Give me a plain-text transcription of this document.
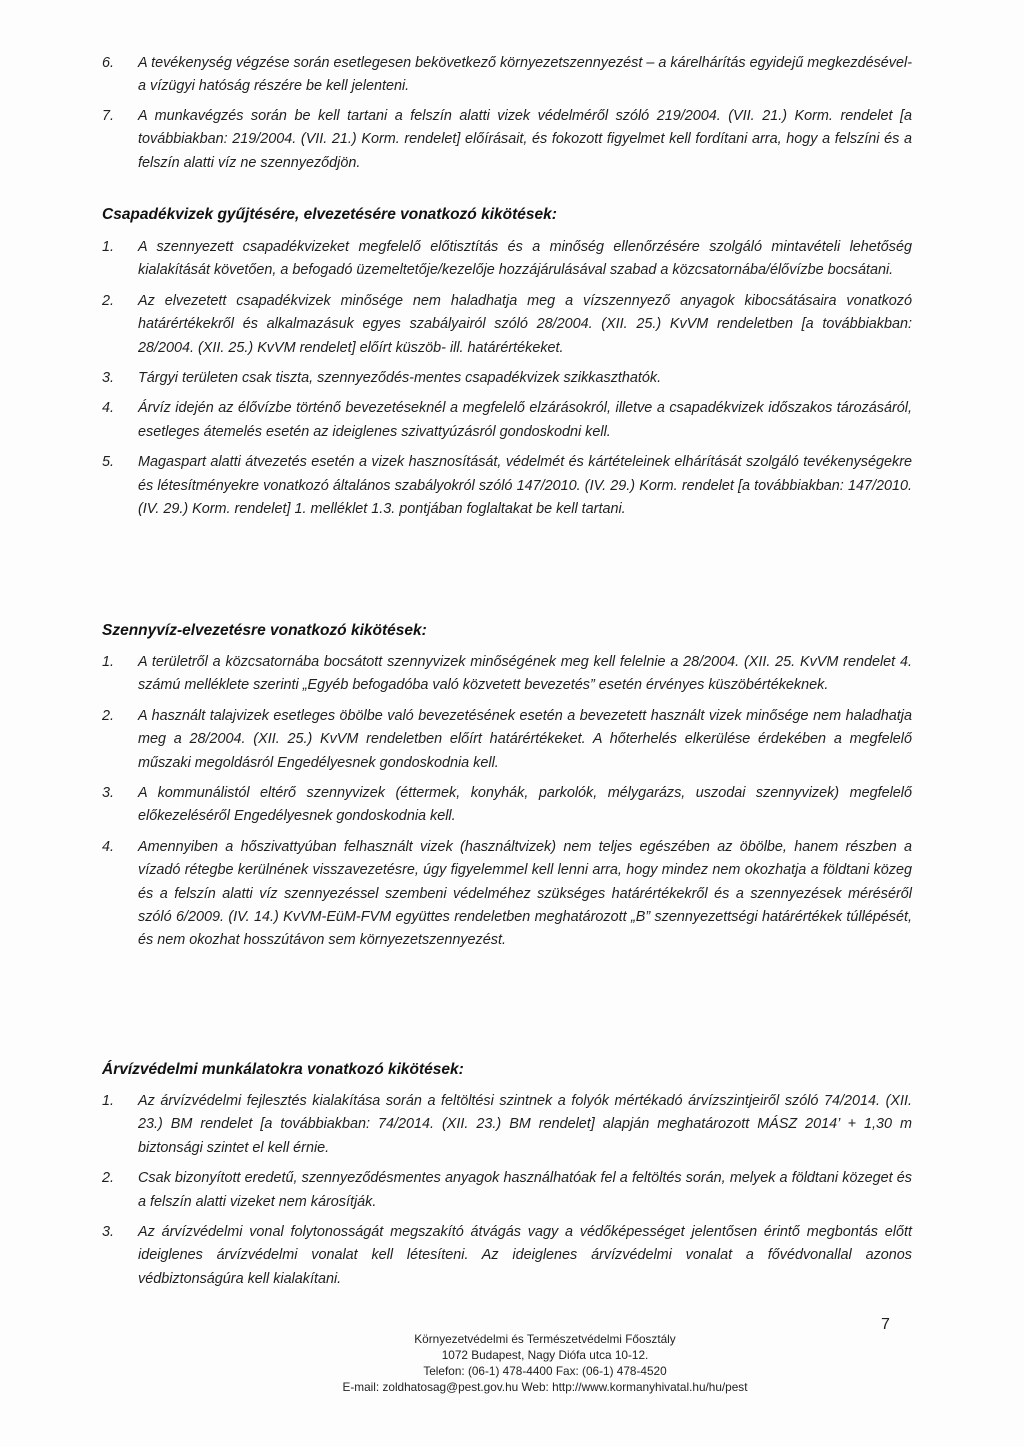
6. A tevékenység végzése során esetlegesen bekövetkező környezetszennyezést – a kárelhárítás egyidejű megkezdésével- a vízügyi hatóság részére be kell jelenteni.
7. A munkavégzés során be kell tartani a felszín alatti vizek védelméről szóló 219/2004. (VII. 21.) Korm. rendelet [a továbbiakban: 219/2004. (VII. 21.) Korm. rendelet] előírásait, és fokozott figyelmet kell fordítani arra, hogy a felszíni és a felszín alatti víz ne szennyeződjön.
Csapadékvizek gyűjtésére, elvezetésére vonatkozó kikötések:
1. A szennyezett csapadékvizeket megfelelő előtisztítás és a minőség ellenőrzésére szolgáló mintavételi lehetőség kialakítását követően, a befogadó üzemeltetője/kezelője hozzájárulásával szabad a közcsatornába/élővízbe bocsátani.
2. Az elvezetett csapadékvizek minősége nem haladhatja meg a vízszennyező anyagok kibocsátásaira vonatkozó határértékekről és alkalmazásuk egyes szabályairól szóló 28/2004. (XII. 25.) KvVM rendeletben [a továbbiakban: 28/2004. (XII. 25.) KvVM rendelet] előírt küszöb- ill. határértékeket.
3. Tárgyi területen csak tiszta, szennyeződés-mentes csapadékvizek szikkaszthatók.
4. Árvíz idején az élővízbe történő bevezetéseknél a megfelelő elzárásokról, illetve a csapadékvizek időszakos tározásáról, esetleges átemelés esetén az ideiglenes szivattyúzásról gondoskodni kell.
5. Magaspart alatti átvezetés esetén a vizek hasznosítását, védelmét és kártételeinek elhárítását szolgáló tevékenységekre és létesítményekre vonatkozó általános szabályokról szóló 147/2010. (IV. 29.) Korm. rendelet [a továbbiakban: 147/2010. (IV. 29.) Korm. rendelet] 1. melléklet 1.3. pontjában foglaltakat be kell tartani.
Szennyvíz-elvezetésre vonatkozó kikötések:
1. A területről a közcsatornába bocsátott szennyvizek minőségének meg kell felelnie a 28/2004. (XII. 25. KvVM rendelet 4. számú melléklete szerinti „Egyéb befogadóba való közvetett bevezetés” esetén érvényes küszöbértékeknek.
2. A használt talajvizek esetleges öbölbe való bevezetésének esetén a bevezetett használt vizek minősége nem haladhatja meg a 28/2004. (XII. 25.) KvVM rendeletben előírt határértékeket. A hőterhelés elkerülése érdekében a megfelelő műszaki megoldásról Engedélyesnek gondoskodnia kell.
3. A kommunálistól eltérő szennyvizek (éttermek, konyhák, parkolók, mélygarázs, uszodai szennyvizek) megfelelő előkezeléséről Engedélyesnek gondoskodnia kell.
4. Amennyiben a hőszivattyúban felhasznált vizek (használtvizek) nem teljes egészében az öbölbe, hanem részben a vízadó rétegbe kerülnének visszavezetésre, úgy figyelemmel kell lenni arra, hogy mindez nem okozhatja a földtani közeg és a felszín alatti víz szennyezéssel szembeni védelméhez szükséges határértékekről és a szennyezések méréséről szóló 6/2009. (IV. 14.) KvVM-EüM-FVM együttes rendeletben meghatározott „B” szennyezettségi határértékek túllépését, és nem okozhat hosszútávon sem környezetszennyezést.
Árvízvédelmi munkálatokra vonatkozó kikötések:
1. Az árvízvédelmi fejlesztés kialakítása során a feltöltési szintnek a folyók mértékadó árvízszintjeiről szóló 74/2014. (XII. 23.) BM rendelet [a továbbiakban: 74/2014. (XII. 23.) BM rendelet] alapján meghatározott MÁSZ 2014’ + 1,30 m biztonsági szintet el kell érnie.
2. Csak bizonyított eredetű, szennyeződésmentes anyagok használhatóak fel a feltöltés során, melyek a földtani közeget és a felszín alatti vizeket nem károsítják.
3. Az árvízvédelmi vonal folytonosságát megszakító átvágás vagy a védőképességet jelentősen érintő megbontás előtt ideiglenes árvízvédelmi vonalat kell létesíteni. Az ideiglenes árvízvédelmi vonalat a fővédvonallal azonos védbiztonságúra kell kialakítani.
7
Környezetvédelmi és Természetvédelmi Főosztály
1072 Budapest, Nagy Diófa utca 10-12.
Telefon: (06-1) 478-4400 Fax: (06-1) 478-4520
E-mail: zoldhatosag@pest.gov.hu Web: http://www.kormanyhivatal.hu/hu/pest
